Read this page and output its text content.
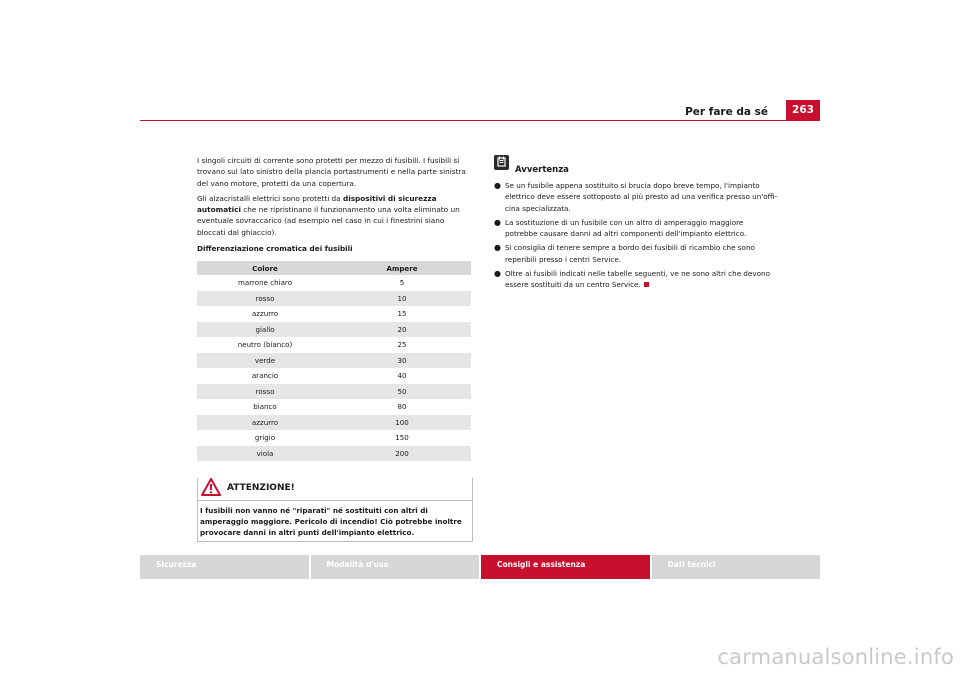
Per fare da sé	263

I singoli circuiti di corrente sono protetti per mezzo di fusibili. I fusibili si trovano sul lato sinistro della plancia portastrumenti e nella parte sinistra del vano motore, protetti da una copertura.

Gli alzacristalli elettrici sono protetti da dispositivi di sicurezza automatici che ne ripristinano il funzionamento una volta eliminato un eventuale sovraccarico (ad esempio nel caso in cui i finestrini siano bloccati dal ghiaccio).

Differenziazione cromatica dei fusibili
Colore	Ampere
marrone chiaro	5
rosso	10
azzurro	15
giallo	20
neutro (bianco)	25
verde	30
arancio	40
rosso	50
bianco	80
azzurro	100
grigio	150
viola	200
ATTENZIONE!
I fusibili non vanno né "riparati" né sostituiti con altri di amperaggio maggiore. Pericolo di incendio! Ciò potrebbe inoltre provocare danni in altri punti dell'impianto elettrico.
Avvertenza
● Se un fusibile appena sostituito si brucia dopo breve tempo, l'impianto elettrico deve essere sottoposto al più presto ad una verifica presso un'officina specializzata.
● La sostituzione di un fusibile con un altro di amperaggio maggiore potrebbe causare danni ad altri componenti dell'impianto elettrico.
● Si consiglia di tenere sempre a bordo dei fusibili di ricambio che sono reperibili presso i centri Service.
● Oltre ai fusibili indicati nelle tabelle seguenti, ve ne sono altri che devono essere sostituiti da un centro Service.
Sicurezza	Modalità d'uso	Consigli e assistenza	Dati tecnici
carmanualsonline.info
